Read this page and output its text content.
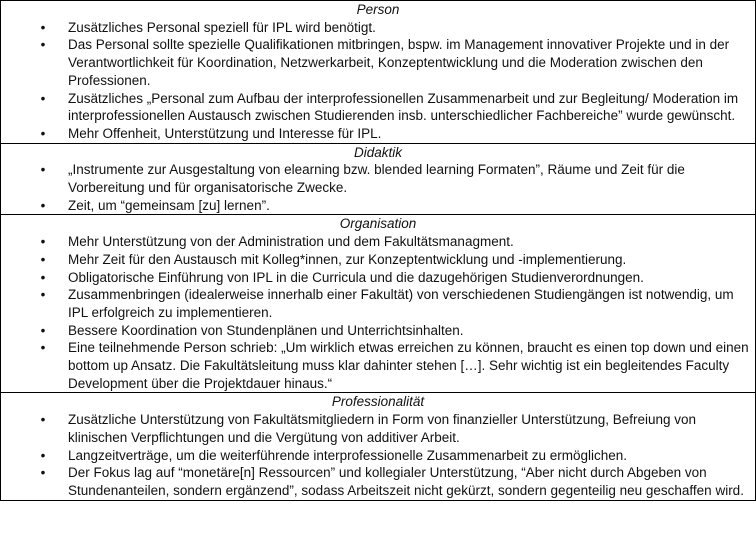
Person
• Zusätzliches Personal speziell für IPL wird benötigt.
• Das Personal sollte spezielle Qualifikationen mitbringen, bspw. im Management innovativer Projekte und in der Verantwortlichkeit für Koordination, Netzwerkarbeit, Konzeptentwicklung und die Moderation zwischen den Professionen.
• Zusätzliches „Personal zum Aufbau der interprofessionellen Zusammenarbeit und zur Begleitung/ Moderation im interprofessionellen Austausch zwischen Studierenden insb. unterschiedlicher Fachbereiche” wurde gewünscht.
• Mehr Offenheit, Unterstützung und Interesse für IPL.
Didaktik
• „Instrumente zur Ausgestaltung von elearning bzw. blended learning Formaten”, Räume und Zeit für die Vorbereitung und für organisatorische Zwecke.
• Zeit, um “gemeinsam [zu] lernen”.
Organisation
• Mehr Unterstützung von der Administration und dem Fakultätsmanagment.
• Mehr Zeit für den Austausch mit Kolleg*innen, zur Konzeptentwicklung und -implementierung.
• Obligatorische Einführung von IPL in die Curricula und die dazugehörigen Studienverordnungen.
• Zusammenbringen (idealerweise innerhalb einer Fakultät) von verschiedenen Studiengängen ist notwendig, um IPL erfolgreich zu implementieren.
• Bessere Koordination von Stundenplänen und Unterrichtsinhalten.
• Eine teilnehmende Person schrieb: „Um wirklich etwas erreichen zu können, braucht es einen top down und einen bottom up Ansatz. Die Fakultätsleitung muss klar dahinter stehen […]. Sehr wichtig ist ein begleitendes Faculty Development über die Projektdauer hinaus.“
Professionalität
• Zusätzliche Unterstützung von Fakultätsmitgliedern in Form von finanzieller Unterstützung, Befreiung von klinischen Verpflichtungen und die Vergütung von additiver Arbeit.
• Langzeitverträge, um die weiterführende interprofessionelle Zusammenarbeit zu ermöglichen.
• Der Fokus lag auf “monetäre[n] Ressourcen” und kollegialer Unterstützung, “Aber nicht durch Abgeben von Stundenanteilen, sondern ergänzend”, sodass Arbeitszeit nicht gekürzt, sondern gegenteilig neu geschaffen wird.
